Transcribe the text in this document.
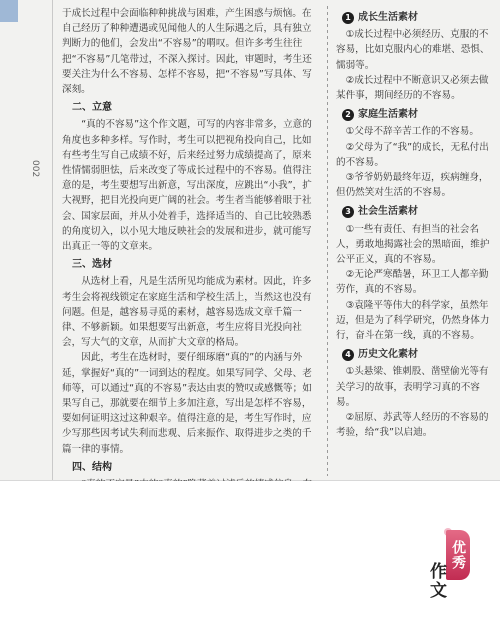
002

于成长过程中会面临种种挑战与困难，产生困惑与烦恼。在自己经历了种种遭遇或见闻他人的人生际遇之后，具有独立判断力的他们，会发出“不容易”的喟叹。但许多考生往往把“不容易”几笔带过，不深入探讨。因此，审题时，考生还要关注为什么不容易、怎样不容易，把“不容易”写具体、写深刻。

二、立意

“真的不容易”这个作文题，可写的内容非常多，立意的角度也多种多样。写作时，考生可以把视角投向自己，比如有些考生写自己成绩不好，后来经过努力成绩提高了，原来性情懦弱胆怯，后来改变了等成长过程中的不容易。值得注意的是，考生要想写出新意，写出深度，应跳出“小我”，扩大视野，把目光投向更广阔的社会。考生者当能够着眼于社会、国家层面，并从小处着手，选择适当的、自己比较熟悉的角度切入，以小见大地反映社会的发展和进步，就可能写出真正一等的文章来。

三、选材

从选材上看，凡是生活所见均能成为素材。因此，许多考生会将视线锁定在家庭生活和学校生活上，当然这也没有问题。但是，越容易寻觅的素材，越容易选成文章千篇一律、不够新颖。如果想要写出新意，考生应将目光投向社会，写大气的文章，从而扩大文章的格局。

因此，考生在选材时，要仔细琢磨“真的”的内涵与外延，掌握好“真的”一词到达的程度。如果写同学、父母、老师等，可以通过“真的不容易”表达由衷的赞叹或感慨等；如果写自己，那就要在细节上多加注意，写出是怎样不容易，要如何证明这过这种艰辛。值得注意的是，考生写作时，应少写那些因考试失利而悲观、后来振作、取得进步之类的千篇一律的事情。

四、结构

1 成长生活素材

①成长过程中必须经历、克服的不容易，比如克服内心的难堪、恐惧、懦弱等。

②成长过程中不断意识又必须去做某件事，期间经历的不容易。

2 家庭生活素材

①父母不辞辛苦工作的不容易。

②父母为了“我”的成长，无私付出的不容易。

③爷爷奶奶最终年迈，疾病缠身，但仍然笑对生活的不容易。

3 社会生活素材

①一些有责任、有担当的社会名人，勇敢地揭露社会的黑暗面，维护公平正义，真的不容易。

②无论严寒酷暑，环卫工人都辛勤劳作，真的不容易。

③袁隆平等伟大的科学家，虽然年迈，但是为了科学研究，仍然身体力行，奋斗在第一线，真的不容易。

4 历史文化素材

①头悬梁、锥刺股、凿壁偷光等有关学习的故事，表明学习真的不容易。

②屈原、苏武等人经历的不容易的考验，给“我”以启迪。

优秀
作文
